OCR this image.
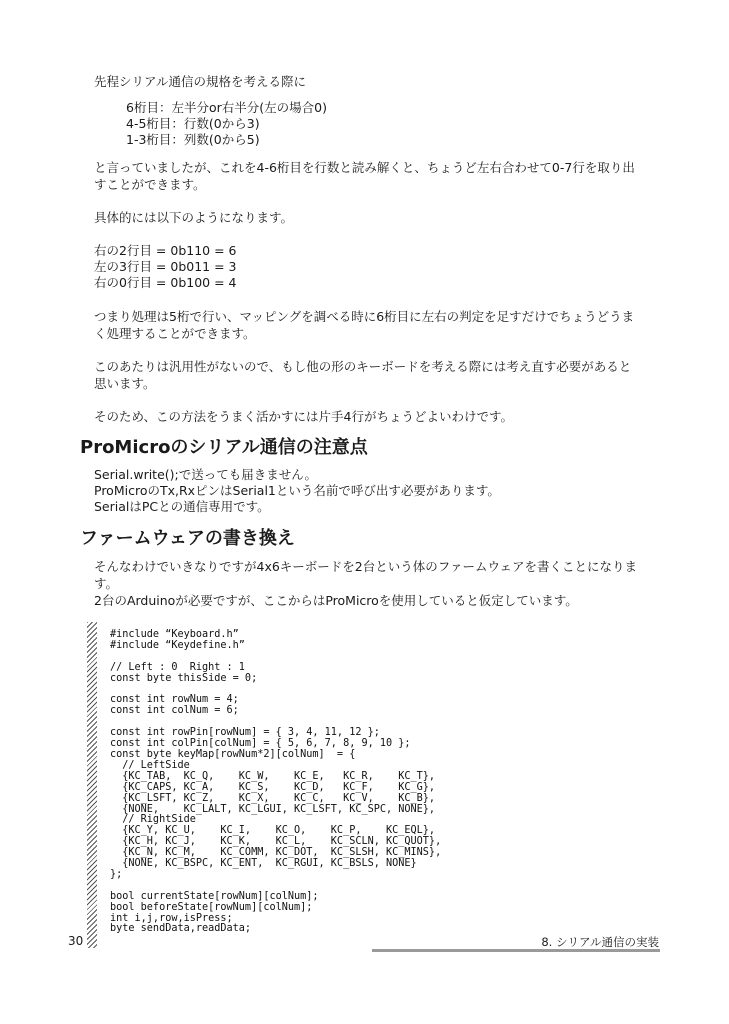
先程シリアル通信の規格を考える際に

6桁目：左半分or右半分(左の場合0)

4-5桁目：行数(0から3)

1-3桁目：列数(0から5)

と言っていましたが、これを4-6桁目を行数と読み解くと、ちょうど左右合わせて0-7行を取り出すことができます。

具体的には以下のようになります。

右の2行目 = 0b110 = 6

左の3行目 = 0b011 = 3

右の0行目 = 0b100 = 4

つまり処理は5桁で行い、マッピングを調べる時に6桁目に左右の判定を足すだけでちょうどうまく処理することができます。

このあたりは汎用性がないので、もし他の形のキーボードを考える際には考え直す必要があると思います。

そのため、この方法をうまく活かすには片手4行がちょうどよいわけです。

ProMicroのシリアル通信の注意点

Serial.write();で送っても届きません。

ProMicroのTx,RxピンはSerial1という名前で呼び出す必要があります。

SerialはPCとの通信専用です。

ファームウェアの書き換え

そんなわけでいきなりですが4x6キーボードを2台という体のファームウェアを書くことになります。

2台のArduinoが必要ですが、ここからはProMicroを使用していると仮定しています。

#include “Keyboard.h”
#include “Keydefine.h”

// Left : 0  Right : 1
const byte thisSide = 0;

const int rowNum = 4;
const int colNum = 6;

const int rowPin[rowNum] = { 3, 4, 11, 12 };
const int colPin[colNum] = { 5, 6, 7, 8, 9, 10 };
const byte keyMap[rowNum*2][colNum]  = {
// LeftSide
{KC_TAB,  KC_Q,    KC_W,    KC_E,   KC_R,    KC_T},
{KC_CAPS, KC_A,    KC_S,    KC_D,   KC_F,    KC_G},
{KC_LSFT, KC_Z,    KC_X,    KC_C,   KC_V,    KC_B},
{NONE,    KC_LALT, KC_LGUI, KC_LSFT, KC_SPC, NONE},
// RightSide
{KC_Y, KC_U,    KC_I,    KC_O,    KC_P,    KC_EQL},
{KC_H, KC_J,    KC_K,    KC_L,    KC_SCLN, KC_QUOT},
{KC_N, KC_M,    KC_COMM, KC_DOT,  KC_SLSH, KC_MINS},
{NONE, KC_BSPC, KC_ENT,  KC_RGUI, KC_BSLS, NONE}
};

bool currentState[rowNum][colNum];
bool beforeState[rowNum][colNum];
int i,j,row,isPress;
byte sendData,readData;
30	8. シリアル通信の実装
